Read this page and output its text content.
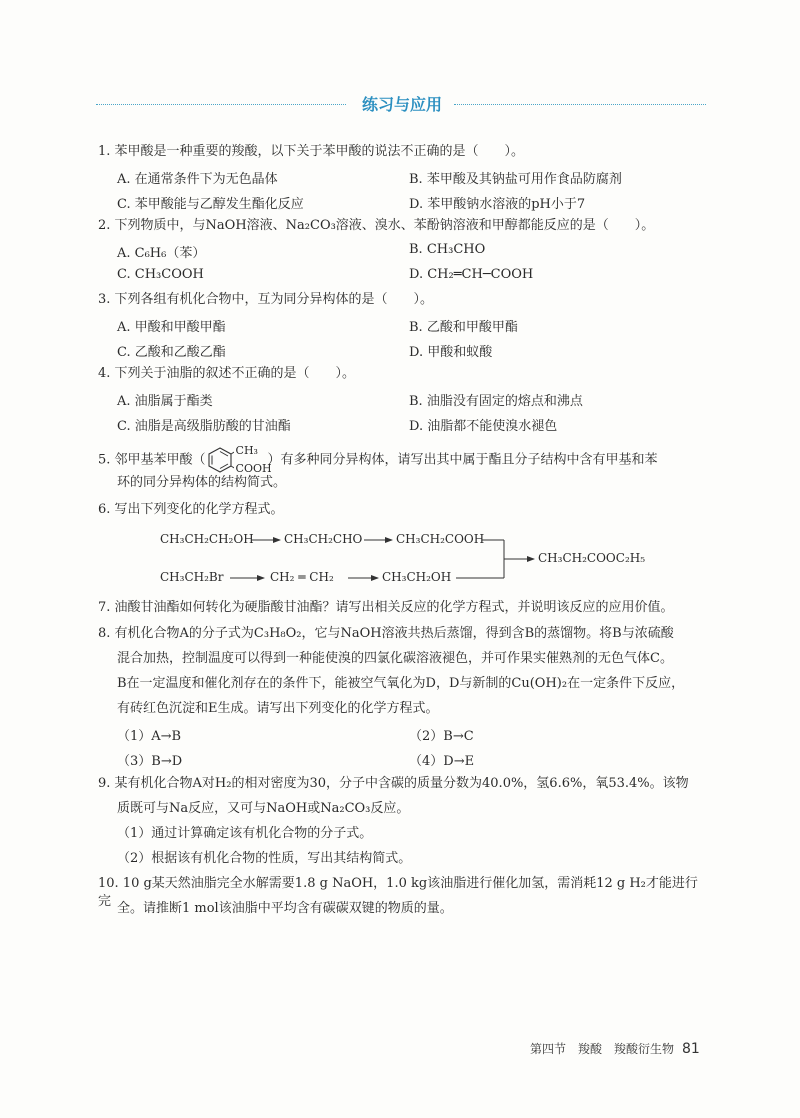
练习与应用
1. 苯甲酸是一种重要的羧酸，以下关于苯甲酸的说法不正确的是（　　）。
A. 在通常条件下为无色晶体	B. 苯甲酸及其钠盐可用作食品防腐剂
C. 苯甲酸能与乙醇发生酯化反应	D. 苯甲酸钠水溶液的pH小于7
2. 下列物质中，与NaOH溶液、Na₂CO₃溶液、溴水、苯酚钠溶液和甲醇都能反应的是（　　）。
A. C₆H₆（苯）	B. CH₃CHO
C. CH₃COOH	D. CH₂═CH─COOH
3. 下列各组有机化合物中，互为同分异构体的是（　　）。
A. 甲酸和甲酸甲酯	B. 乙酸和甲酸甲酯
C. 乙酸和乙酸乙酯	D. 甲酸和蚁酸
4. 下列关于油脂的叙述不正确的是（　　）。
A. 油脂属于酯类	B. 油脂没有固定的熔点和沸点
C. 油脂是高级脂肪酸的甘油酯	D. 油脂都不能使溴水褪色
5. 邻甲基苯甲酸（
CH₃
COOH
）有多种同分异构体，请写出其中属于酯且分子结构中含有甲基和苯
环的同分异构体的结构简式。
6. 写出下列变化的化学方程式。
CH₃CH₂CH₂OH	CH₃CH₂CHO	CH₃CH₂COOH
CH₃CH₂Br	CH₂ ═ CH₂	CH₃CH₂OH
CH₃CH₂COOC₂H₅
7. 油酸甘油酯如何转化为硬脂酸甘油酯？请写出相关反应的化学方程式，并说明该反应的应用价值。
8. 有机化合物A的分子式为C₃H₈O₂，它与NaOH溶液共热后蒸馏，得到含B的蒸馏物。将B与浓硫酸
混合加热，控制温度可以得到一种能使溴的四氯化碳溶液褪色，并可作果实催熟剂的无色气体C。
B在一定温度和催化剂存在的条件下，能被空气氧化为D，D与新制的Cu(OH)₂在一定条件下反应，
有砖红色沉淀和E生成。请写出下列变化的化学方程式。
（1）A→B	（2）B→C
（3）B→D	（4）D→E
9. 某有机化合物A对H₂的相对密度为30，分子中含碳的质量分数为40.0%，氢6.6%，氧53.4%。该物
质既可与Na反应，又可与NaOH或Na₂CO₃反应。
（1）通过计算确定该有机化合物的分子式。
（2）根据该有机化合物的性质，写出其结构简式。
10. 10 g某天然油脂完全水解需要1.8 g NaOH，1.0 kg该油脂进行催化加氢，需消耗12 g H₂才能进行完 全。请推断1 mol该油脂中平均含有碳碳双键的物质的量。
第四节　羧酸　羧酸衍生物 81
